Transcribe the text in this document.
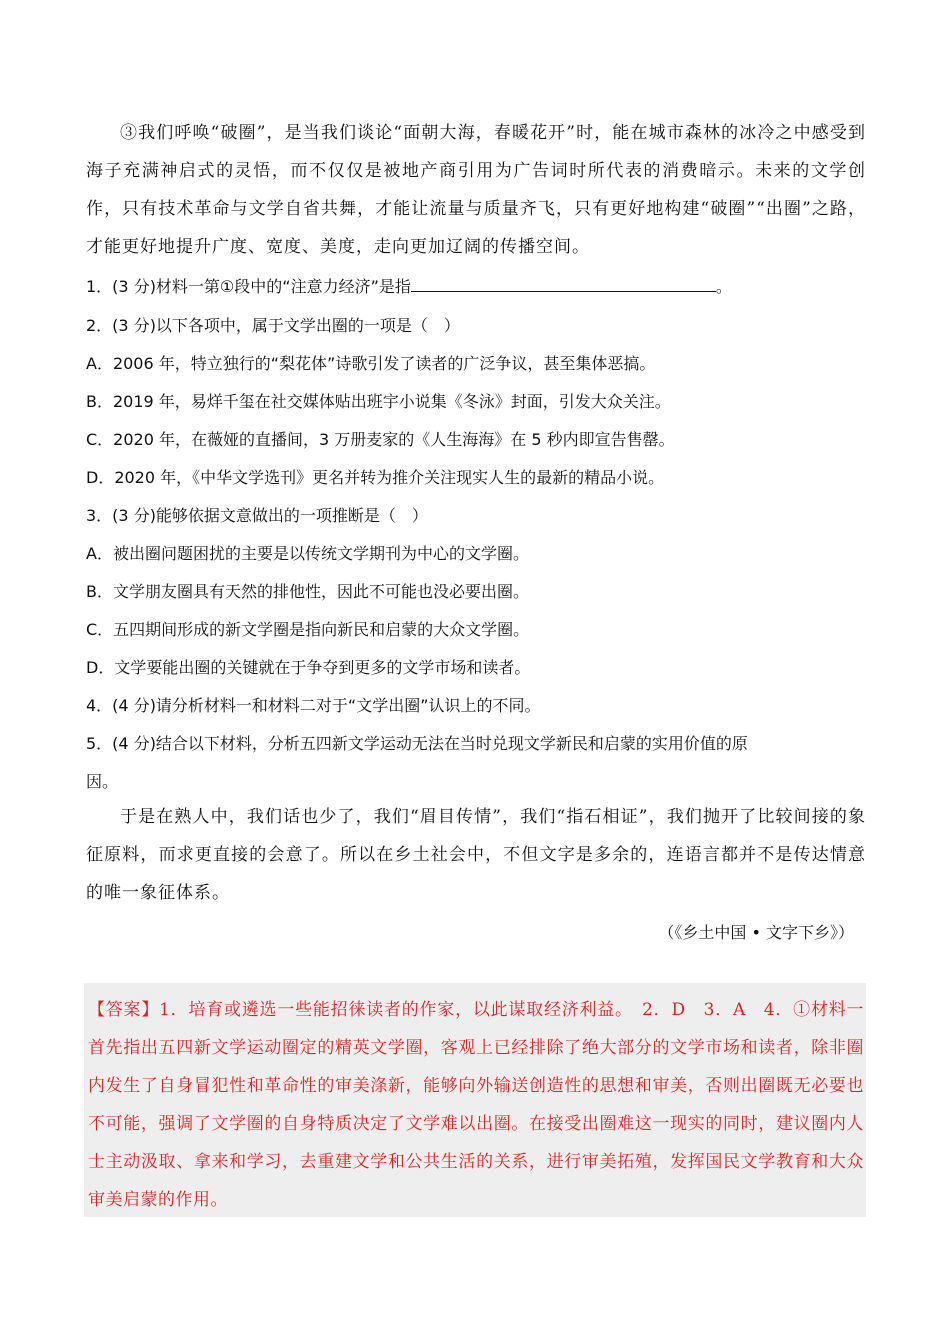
③我们呼唤“破圈”，是当我们谈论“面朝大海，春暖花开”时，能在城市森林的冰冷之中感受到海子充满神启式的灵悟，而不仅仅是被地产商引用为广告词时所代表的消费暗示。未来的文学创作，只有技术革命与文学自省共舞，才能让流量与质量齐飞，只有更好地构建“破圈”“出圈”之路，才能更好地提升广度、宽度、美度，走向更加辽阔的传播空间。
1．(3 分)材料一第①段中的“注意力经济”是指	。
2．(3 分)以下各项中，属于文学出圈的一项是（　）
A．2006 年，特立独行的“梨花体”诗歌引发了读者的广泛争议，甚至集体恶搞。
B．2019 年，易烊千玺在社交媒体贴出班宇小说集《冬泳》封面，引发大众关注。
C．2020 年，在薇娅的直播间，3 万册麦家的《人生海海》在 5 秒内即宣告售罄。
D．2020 年，《中华文学选刊》更名并转为推介关注现实人生的最新的精品小说。
3．(3 分)能够依据文意做出的一项推断是（　）
A．被出圈问题困扰的主要是以传统文学期刊为中心的文学圈。
B．文学朋友圈具有天然的排他性，因此不可能也没必要出圈。
C．五四期间形成的新文学圈是指向新民和启蒙的大众文学圈。
D．文学要能出圈的关键就在于争夺到更多的文学市场和读者。
4．(4 分)请分析材料一和材料二对于“文学出圈”认识上的不同。
5．(4 分)结合以下材料，分析五四新文学运动无法在当时兑现文学新民和启蒙的实用价值的原
因。
于是在熟人中，我们话也少了，我们“眉目传情”，我们“指石相证”，我们抛开了比较间接的象征原料，而求更直接的会意了。所以在乡土社会中，不但文字是多余的，连语言都并不是传达情意的唯一象征体系。
（《乡土中国 • 文字下乡》）
【答案】1．培育或遴选一些能招徕读者的作家，以此谋取经济利益。　2．D　3．A　4．①材料一首先指出五四新文学运动圈定的精英文学圈，客观上已经排除了绝大部分的文学市场和读者，除非圈内发生了自身冒犯性和革命性的审美涤新，能够向外输送创造性的思想和审美，否则出圈既无必要也不可能，强调了文学圈的自身特质决定了文学难以出圈。在接受出圈难这一现实的同时，建议圈内人士主动汲取、拿来和学习，去重建文学和公共生活的关系，进行审美拓殖，发挥国民文学教育和大众审美启蒙的作用。
